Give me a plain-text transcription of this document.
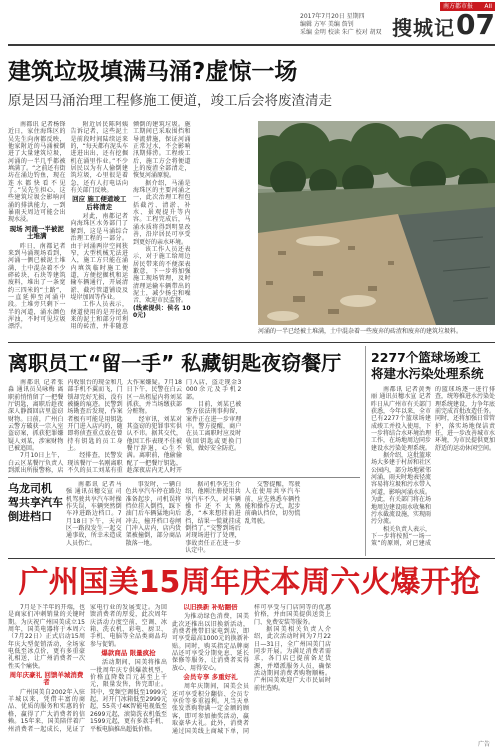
南方都市报 AII
2017年7月20日 星期四
编辑 方军 美编 詹钊
采编 金明 校读 朱广 校对 胡双 搜城记 07
建筑垃圾填满马涌?虚惊一场
原是因马涌治理工程修施工便道，竣工后会将废渣清走

南都讯 记者杨锋 近日，家住海珠区的吴先生向南都反映，他家附近的马涌被倒进了大量建筑垃圾，河涌的一半几乎都被填满了。“之前还有街坊在涌边钓鱼，现在连水都快看不见了。”吴先生担心，这些建筑垃圾会影响河涌的排洪能力，一到暴雨天周边可能会出现水浸。

现场 河涌一半被泥土堆满

昨日，南都记者来到马涌现场看到，河涌一侧已被泥土堆满，土中混杂着不少碎砖块、石块等建筑废料，堆出了一条宽约三四米的“土路”，一直延伸至河涌中段。土堆旁只剩下一半的河道，涌水颜色浑浊，不时可见垃圾漂浮。

附近居民陈阿姨告诉记者，这些泥土是前段时间陆续运来的，“每天都有泥头车进进出出，还有挖掘机在涌里作业。”不少居民以为有人偷倒建筑垃圾，心里很是着急，还有人打电话向有关部门反映。

回应 施工便道竣工后将清走

对此，南都记者向海珠区水务部门了解到，这是马涌综合治理工程的一部分。由于河涌两岸空间狭窄，大型机械无法进入，施工方只能在涌内填筑临时施工便道，方便挖掘机和运输车辆通行，开展清淤、截污管道铺设及堤岸加固等作业。

工作人员表示，便道使用的是开挖出来的泥土和部分可利用的砖渣，并非随意倾倒的建筑垃圾。施工期间已采取围挡和导流措施，保证河涌正常过水，不会影响汛期排涝。工程竣工后，施工方会将便道上的废渣全部清走，恢复河涌原貌。

据介绍，马涌是海珠区的主要河涌之一，此次治理工程包括截污、清淤、补水、景观提升等内容。工程完成后，马涌水质将得到明显改善，沿岸居民可享受到更好的亲水环境。

该工作人员还表示，对于施工给周边居民带来的不便深表歉意，下一步将加强施工现场管理，及时清理运输车辆带出的泥土，减少扬尘和噪音，欢迎市民监督。

(线索提供：侯名 100元)

河涌的一半已经被土堆满，土中混杂着一些废弃的砖渣和废弃的建筑垃圾料。
离职员工“留一手” 私藏钥匙夜窃餐厅

南都讯 记者张淼 通讯员吴咏梅 离职前悄悄留了一把餐厅钥匙，离职后趁夜深人静溜回店里盗窃财物。日前，广州白云警方破获一宗入室盗窃案，抓获犯罪嫌疑人刘某，涉案财物已被追回。

7月10日上午，白云区某餐厅负责人到派出所报警称，店内收银台的现金和几部手机不翼而飞，门锁却完好无损，没有被撬的痕迹。民警到场勘查后发现，作案者极有可能是用钥匙开门进入店内的，随即将侦查重点放在曾持有钥匙的员工身上。

经排查，民警发现该餐厅一名刚离职不久的员工刘某有重大作案嫌疑。7月18日下午，民警在白云区一出租屋内将刘某抓获，并当场缴获部分赃物。

经审讯，刘某对其盗窃的犯罪事实供认不讳。据其交代，他因工作表现不佳被餐厅辞退，心生不满。离职前，他偷偷配了一把餐厅钥匙，趁深夜店内无人时开门入店，盗走现金3000余元及手机2部。

目前，刘某已被警方依法刑事拘留，案件正在进一步审理中。警方提醒，商户在员工离职时应及时收回钥匙或更换门锁，做好安全防范。

乌龙司机
驾共享汽车
倒进档口

南都讯 记者马强 通讯员穗交宣 司机驾驶共享汽车时操作失误，车辆突然倒车冲进路边档口。7月18日下午，天河区一路段发生一起交通事故，所幸未造成人员伤亡。

事发时，一辆白色共享汽车停在路边准备起步，司机误将挡位挂入倒挡，踩下油门后车辆猛地向后冲去，撞开档口卷闸门冲入店内，店内货架被撞倒，部分商品散落一地。

据司机李先生介绍，他刚注册使用共享汽车不久，对车辆操作还不太熟悉，“本来想挂前进挡，结果一慌就挂成倒挡了。”交警到场后对现场进行了处理，事故责任正在进一步认定中。

交警提醒，驾驶人在使用共享汽车前，应先熟悉车辆性能和操作方式，起步前确认挡位，切勿慌乱驾驶。

2277个篮球场竣工
将建水污染处理系统

南都讯 记者黄秀丽 通讯员穗水宣 记者昨日从广州市有关部门获悉，今年以来，全市已有2277个篮球场建成竣工并投入使用，下一步将结合水环境治理工作，在场地周边同步建设水污染处理系统。

据介绍，这批篮球场大多建于村居和社区公园内，部分场地紧邻河涌，雨天时地表径流容易将垃圾和污水带入河道，影响河涌水质。为此，有关部门将在场地周边建设雨水收集和污水截流设施，实现雨污分流。

相关负责人表示，下一步将按照“一场一策”的原则，对已建成的篮球场逐一进行排查，统筹推进水污染处理系统建设，力争年底前完成首批改造任务。同时，还将加强日常管护，落实场地保洁责任，进一步改善城市水环境，为市民提供更加舒适的运动休闲空间。

广州国美15周年庆本周六火爆开抢

7月是下半年的开端，也是商家们冲刺销量的关键时期。为庆祝广州国美成立15周年，国美电器将于本周六（7月22日）正式启动15周年庆大型促销活动，全场家电低至冰点价，更有多重豪礼相送，让广州消费者一次性买个痛快。

周年庆豪礼 回馈羊城消费者

广州国美自2002年入驻羊城以来，凭借丰富的商品、优质的服务和实惠的价格，赢得了广大消费者的信赖。15年来，国美陪伴着广州消费者一起成长，见证了家电行业的发展变迁。为回馈消费者的厚爱，此次周年庆活动力度空前，空调、冰箱、洗衣机、彩电、厨卫、手机、电脑等全品类商品均参与促销。

爆款商品 限量疯抢

活动期间，国美将推出一批周年庆专供爆款机型，价格直降数百元甚至上千元，限量发售，售完即止。其中，变频空调低至1999元起，对开门冰箱低至2999元起，55英寸4K智能电视低至2699元起，滚筒洗衣机低至1599元起，更有多款手机、平板电脑推出超低价格。

以旧换新 补贴翻倍

为推动绿色消费，国美此次还推出以旧换新活动，消费者携带旧家电到店，即可享受最高1000元的换新补贴。同时，购买指定品牌商品还可享受分期免息、延长保修等服务，让消费者买得放心、用得安心。

会员专享 多重好礼

周年庆期间，国美会员还可享受积分翻倍、会员专享价等多重福利。凡当天单张发票购物满一定金额的顾客，即可参加抽奖活动，赢取豪华大礼。此外，消费者通过国美线上商城下单，同样可享受与门店同等的优惠价格，并由国美提供送货上门、免费安装等服务。

据国美相关负责人介绍，此次活动时间为7月22日—31日，全广州国美门店同步开展。为满足消费者需求，各门店已提前备足货源，并增派服务人员，确保活动期间消费者购物顺畅。广州国美欢迎广大市民届时前往选购。

广告
